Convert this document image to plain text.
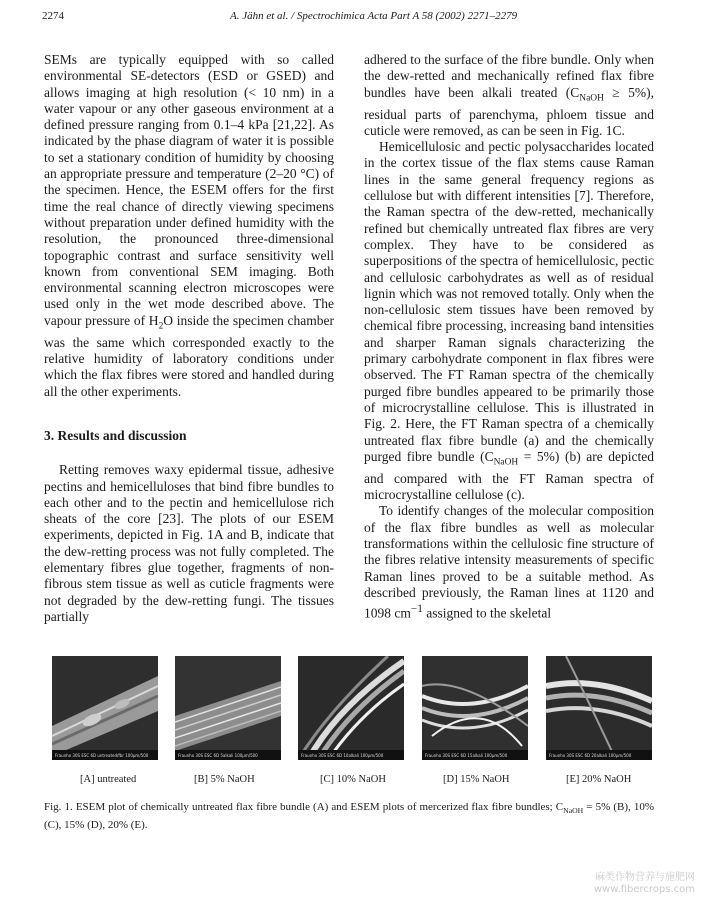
2274	A. Jähn et al. / Spectrochimica Acta Part A 58 (2002) 2271–2279

SEMs are typically equipped with so called environmental SE-detectors (ESD or GSED) and allows imaging at high resolution (< 10 nm) in a water vapour or any other gaseous environment at a defined pressure ranging from 0.1–4 kPa [21,22]. As indicated by the phase diagram of water it is possible to set a stationary condition of humidity by choosing an appropriate pressure and temperature (2–20 °C) of the specimen. Hence, the ESEM offers for the first time the real chance of directly viewing specimens without preparation under defined humidity with the resolution, the pronounced three-dimensional topographic contrast and surface sensitivity well known from conventional SEM imaging. Both environmental scanning electron microscopes were used only in the wet mode described above. The vapour pressure of $H_2O$ inside the specimen chamber was the same which corresponded exactly to the relative humidity of laboratory conditions under which the flax fibres were stored and handled during all the other experiments.

3. Results and discussion

Retting removes waxy epidermal tissue, adhesive pectins and hemicelluloses that bind fibre bundles to each other and to the pectin and hemicellulose rich sheats of the core [23]. The plots of our ESEM experiments, depicted in Fig. 1A and B, indicate that the dew-retting process was not fully completed. The elementary fibres glue together, fragments of non-fibrous stem tissue as well as cuticle fragments were not degraded by the dew-retting fungi. The tissues partially

adhered to the surface of the fibre bundle. Only when the dew-retted and mechanically refined flax fibre bundles have been alkali treated $(C_{NaOH} \ge 5\%)$, residual parts of parenchyma, phloem tissue and cuticle were removed, as can be seen in Fig. 1C.

Hemicellulosic and pectic polysaccharides located in the cortex tissue of the flax stems cause Raman lines in the same general frequency regions as cellulose but with different intensities [7]. Therefore, the Raman spectra of the dew-retted, mechanically refined but chemically untreated flax fibres are very complex. They have to be considered as superpositions of the spectra of hemicellulosic, pectic and cellulosic carbohydrates as well as of residual lignin which was not removed totally. Only when the non-cellulosic stem tissues have been removed by chemical fibre processing, increasing band intensities and sharper Raman signals characterizing the primary carbohydrate component in flax fibres were observed. The FT Raman spectra of the chemically purged fibre bundles appeared to be primarily those of microcrystalline cellulose. This is illustrated in Fig. 2. Here, the FT Raman spectra of a chemically untreated flax fibre bundle (a) and the chemically purged fibre bundle $(C_{NaOH} = 5\%)$ (b) are depicted and compared with the FT Raman spectra of microcrystalline cellulose (c).

To identify changes of the molecular composition of the flax fibre bundles as well as molecular transformations within the cellulosic fine structure of the fibres relative intensity measurements of specific Raman lines proved to be a suitable method. As described previously, the Raman lines at 1120 and 1098 $cm^{-1}$ assigned to the skeletal

Fraunho 30S ESC 6D untreated/fbr 100µm/500	Fraunho 30S ESC 6D 5alkali 100µm/500	Fraunho 30S ESC 6D 10alkali 100µm/500	Fraunho 30S ESC 6D 15alkali 100µm/500	Fraunho 30S ESC 6D 20alkali 100µm/500
[A] untreated	[B] 5% NaOH	[C] 10% NaOH	[D] 15% NaOH	[E] 20% NaOH
Fig. 1. ESEM plot of chemically untreated flax fibre bundle (A) and ESEM plots of mercerized flax fibre bundles; $C_{NaOH} = 5\%$ (B), 10% (C), 15% (D), 20% (E).
麻类作物营养与施肥网
www.fibercrops.com
